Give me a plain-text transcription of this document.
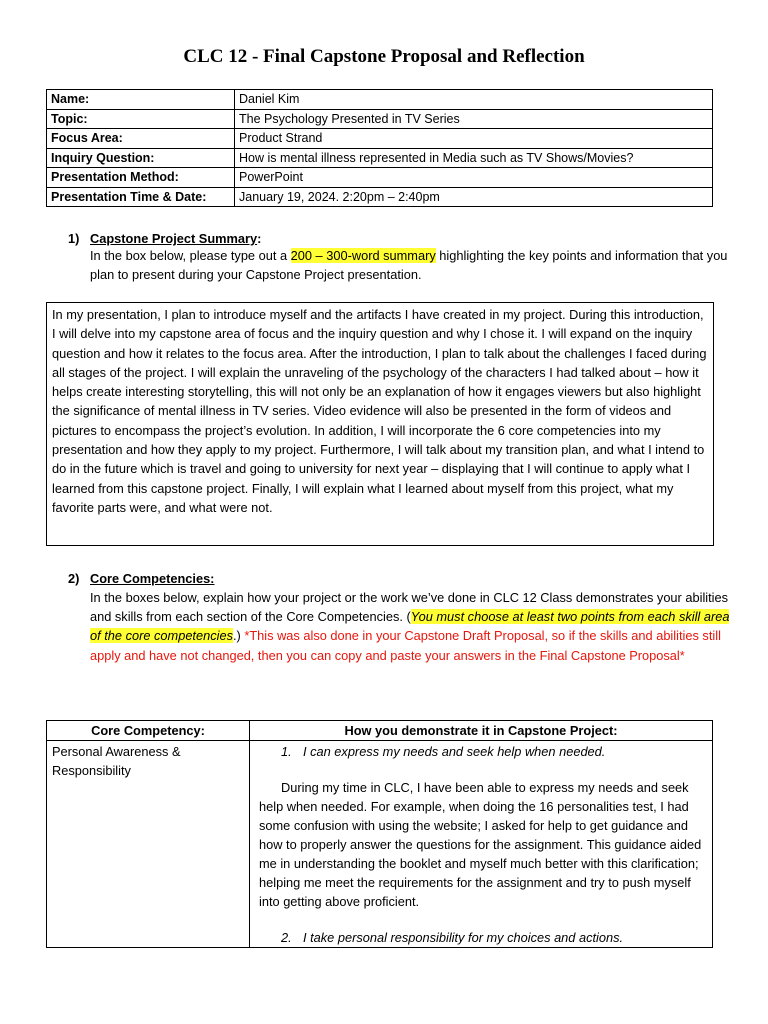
CLC 12 - Final Capstone Proposal and Reflection
Name:	Daniel Kim
Topic:	The Psychology Presented in TV Series
Focus Area:	Product Strand
Inquiry Question:	How is mental illness represented in Media such as TV Shows/Movies?
Presentation Method:	PowerPoint
Presentation Time & Date:	January 19, 2024. 2:20pm – 2:40pm
1) Capstone Project Summary:
In the box below, please type out a 200 – 300-word summary highlighting the key points and information that you plan to present during your Capstone Project presentation.
In my presentation, I plan to introduce myself and the artifacts I have created in my project. During this introduction, I will delve into my capstone area of focus and the inquiry question and why I chose it. I will expand on the inquiry question and how it relates to the focus area. After the introduction, I plan to talk about the challenges I faced during all stages of the project. I will explain the unraveling of the psychology of the characters I had talked about – how it helps create interesting storytelling, this will not only be an explanation of how it engages viewers but also highlight the significance of mental illness in TV series. Video evidence will also be presented in the form of videos and pictures to encompass the project’s evolution. In addition, I will incorporate the 6 core competencies into my presentation and how they apply to my project. Furthermore, I will talk about my transition plan, and what I intend to do in the future which is travel and going to university for next year – displaying that I will continue to apply what I learned from this capstone project. Finally, I will explain what I learned about myself from this project, what my favorite parts were, and what were not.
2) Core Competencies:
In the boxes below, explain how your project or the work we’ve done in CLC 12 Class demonstrates your abilities and skills from each section of the Core Competencies. (You must choose at least two points from each skill area of the core competencies.) *This was also done in your Capstone Draft Proposal, so if the skills and abilities still apply and have not changed, then you can copy and paste your answers in the Final Capstone Proposal*
Core Competency:	How you demonstrate it in Capstone Project:
Personal Awareness & Responsibility	1. I can express my needs and seek help when needed.
During my time in CLC, I have been able to express my needs and seek help when needed. For example, when doing the 16 personalities test, I had some confusion with using the website; I asked for help to get guidance and how to properly answer the questions for the assignment. This guidance aided me in understanding the booklet and myself much better with this clarification; helping me meet the requirements for the assignment and try to push myself into getting above proficient.
2. I take personal responsibility for my choices and actions.
